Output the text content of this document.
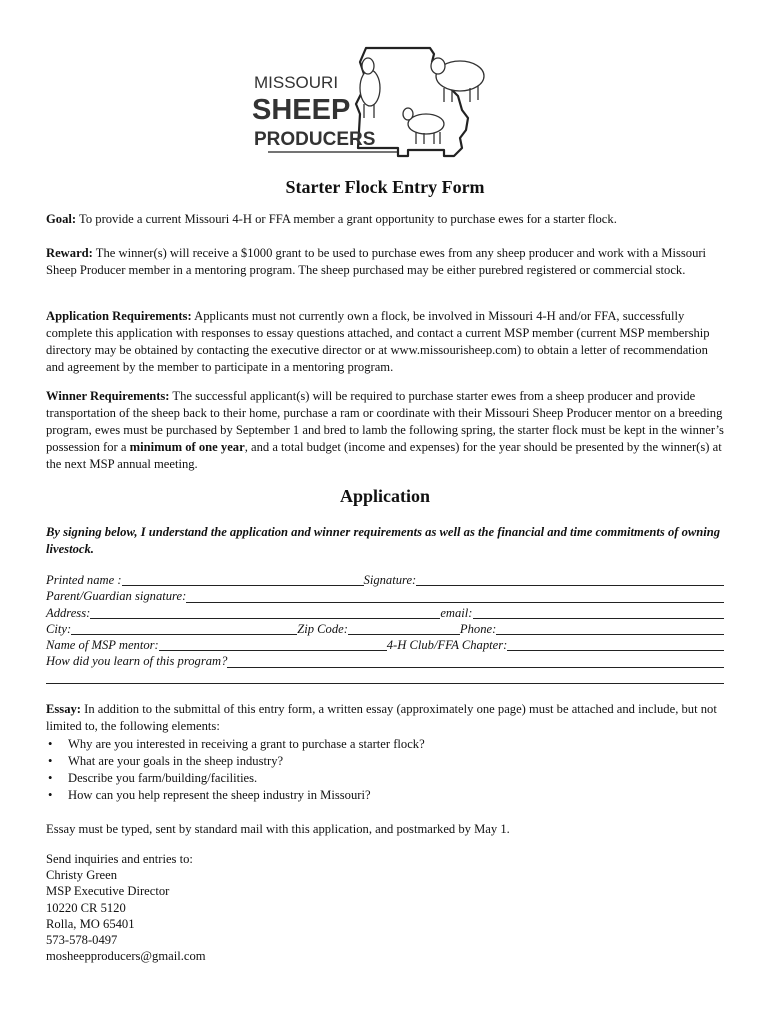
MISSOURI
SHEEP
PRODUCERS
Starter Flock Entry Form

Goal: To provide a current Missouri 4-H or FFA member a grant opportunity to purchase ewes for a starter flock.

Reward: The winner(s) will receive a $1000 grant to be used to purchase ewes from any sheep producer and work with a Missouri Sheep Producer member in a mentoring program. The sheep purchased may be either purebred registered or commercial stock.

Application Requirements: Applicants must not currently own a flock, be involved in Missouri 4-H and/or FFA, successfully complete this application with responses to essay questions attached, and contact a current MSP member (current MSP membership directory may be obtained by contacting the executive director or at www.missourisheep.com) to obtain a letter of recommendation and agreement by the member to participate in a mentoring program.

Winner Requirements: The successful applicant(s) will be required to purchase starter ewes from a sheep producer and provide transportation of the sheep back to their home, purchase a ram or coordinate with their Missouri Sheep Producer mentor on a breeding program, ewes must be purchased by September 1 and bred to lamb the following spring, the starter flock must be kept in the winner’s possession for a minimum of one year, and a total budget (income and expenses) for the year should be presented by the winner(s) at the next MSP annual meeting.

Application

By signing below, I understand the application and winner requirements as well as the financial and time commitments of owning livestock.

Printed name :	Signature:
Parent/Guardian signature:
Address:	email:
City:	Zip Code:	Phone:
Name of MSP mentor:	4-H Club/FFA Chapter:
How did you learn of this program?

Essay: In addition to the submittal of this entry form, a written essay (approximately one page) must be attached and include, but not limited to, the following elements:

• Why are you interested in receiving a grant to purchase a starter flock?
• What are your goals in the sheep industry?
• Describe you farm/building/facilities.
• How can you help represent the sheep industry in Missouri?

Essay must be typed, sent by standard mail with this application, and postmarked by May 1.

Send inquiries and entries to:
Christy Green
MSP Executive Director
10220 CR 5120
Rolla, MO 65401
573-578-0497
mosheepproducers@gmail.com
